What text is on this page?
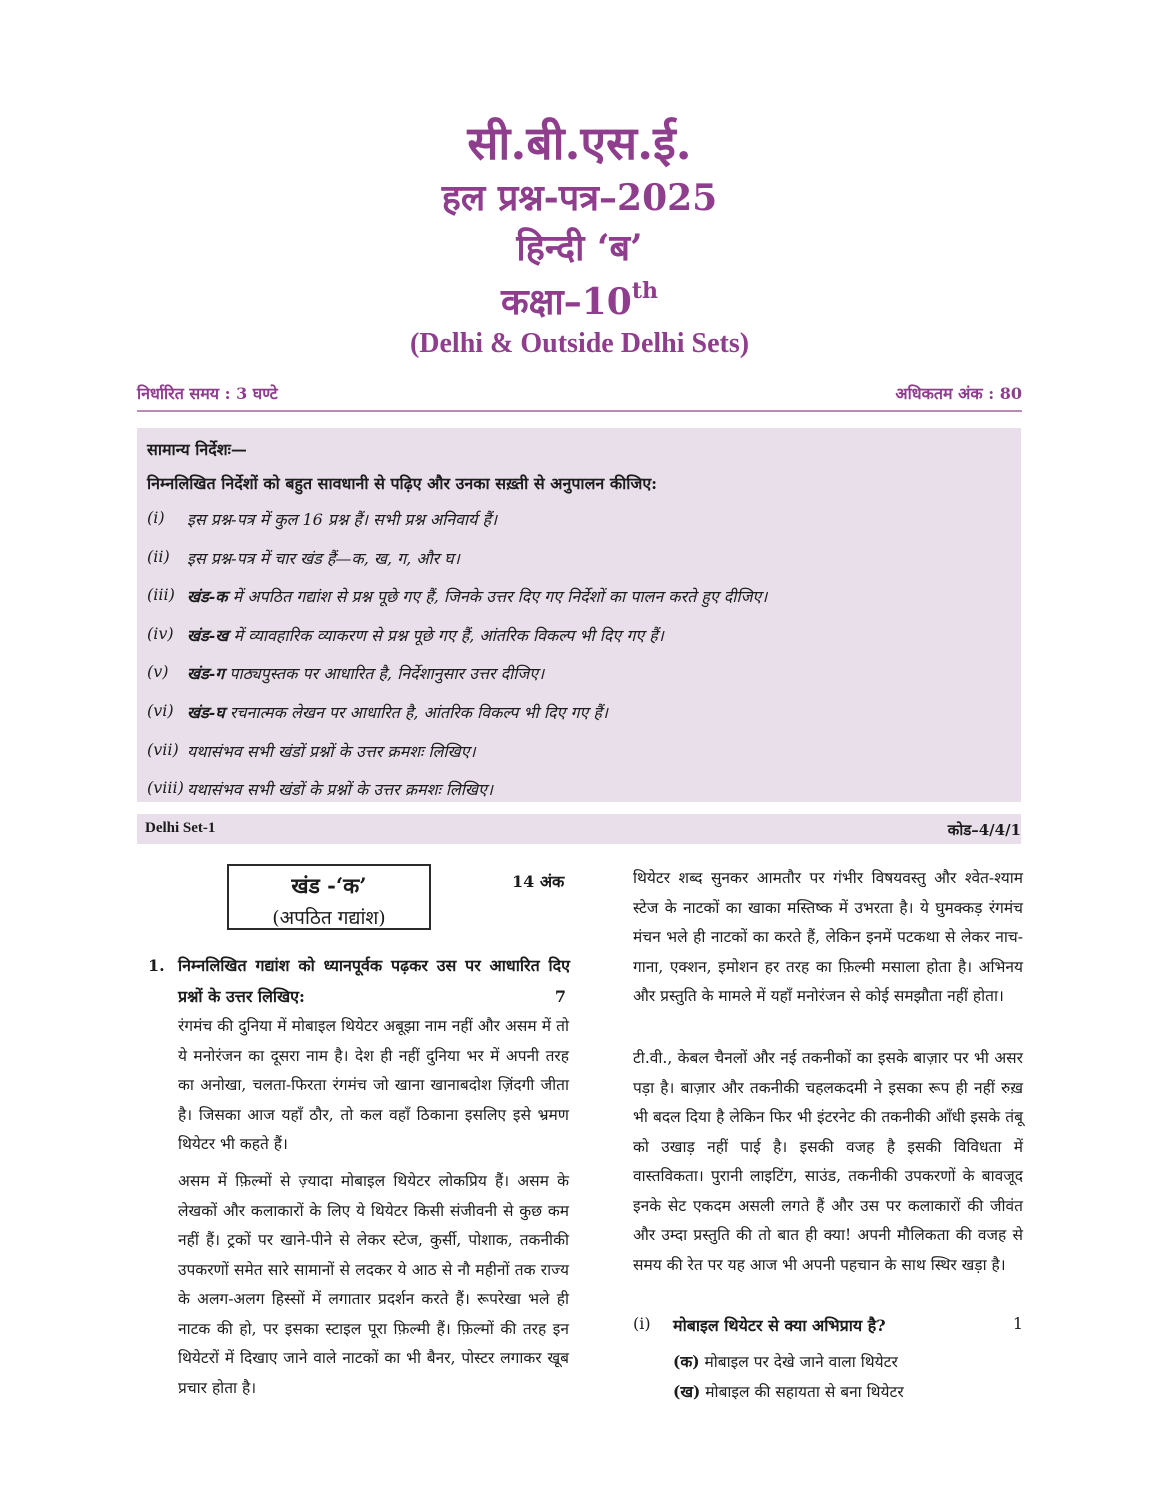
सी.बी.एस.ई.
हल प्रश्न-पत्र–2025
हिन्दी ‘ब’
कक्षा–10th
(Delhi & Outside Delhi Sets)
निर्धारित समय : 3 घण्टे	अधिकतम अंक : 80
सामान्य निर्देशः—
निम्नलिखित निर्देशों को बहुत सावधानी से पढ़िए और उनका सख़्ती से अनुपालन कीजिए:
(i)	इस प्रश्न-पत्र में कुल 16 प्रश्न हैं। सभी प्रश्न अनिवार्य हैं।
(ii)	इस प्रश्न-पत्र में चार खंड हैं—क, ख, ग, और घ।
(iii) खंड-क में अपठित गद्यांश से प्रश्न पूछे गए हैं, जिनके उत्तर दिए गए निर्देशों का पालन करते हुए दीजिए।
(iv) खंड-ख में व्यावहारिक व्याकरण से प्रश्न पूछे गए हैं, आंतरिक विकल्प भी दिए गए हैं।
(v)	खंड-ग पाठ्यपुस्तक पर आधारित है, निर्देशानुसार उत्तर दीजिए।
(vi) खंड-घ रचनात्मक लेखन पर आधारित है, आंतरिक विकल्प भी दिए गए हैं।
(vii) यथासंभव सभी खंडों प्रश्नों के उत्तर क्रमशः लिखिए।
(viii) यथासंभव सभी खंडों के प्रश्नों के उत्तर क्रमशः लिखिए।
Delhi Set-1	कोड–4/4/1
खंड -‘क’
(अपठित गद्यांश)
14 अंक
1. निम्नलिखित गद्यांश को ध्यानपूर्वक पढ़कर उस पर आधारित दिए प्रश्नों के उत्तर लिखिए:	7

रंगमंच की दुनिया में मोबाइल थियेटर अबूझा नाम नहीं और असम में तो ये मनोरंजन का दूसरा नाम है। देश ही नहीं दुनिया भर में अपनी तरह का अनोखा, चलता-फिरता रंगमंच जो खाना खानाबदोश ज़िंदगी जीता है। जिसका आज यहाँ ठौर, तो कल वहाँ ठिकाना इसलिए इसे भ्रमण थियेटर भी कहते हैं।

असम में फ़िल्मों से ज़्यादा मोबाइल थियेटर लोकप्रिय हैं। असम के लेखकों और कलाकारों के लिए ये थियेटर किसी संजीवनी से कुछ कम नहीं हैं। ट्रकों पर खाने-पीने से लेकर स्टेज, कुर्सी, पोशाक, तकनीकी उपकरणों समेत सारे सामानों से लदकर ये आठ से नौ महीनों तक राज्य के अलग-अलग हिस्सों में लगातार प्रदर्शन करते हैं। रूपरेखा भले ही नाटक की हो, पर इसका स्टाइल पूरा फ़िल्मी हैं। फ़िल्मों की तरह इन थियेटरों में दिखाए जाने वाले नाटकों का भी बैनर, पोस्टर लगाकर खूब प्रचार होता है।

थियेटर शब्द सुनकर आमतौर पर गंभीर विषयवस्तु और श्वेत-श्याम स्टेज के नाटकों का खाका मस्तिष्क में उभरता है। ये घुमक्कड़ रंगमंच मंचन भले ही नाटकों का करते हैं, लेकिन इनमें पटकथा से लेकर नाच-गाना, एक्शन, इमोशन हर तरह का फ़िल्मी मसाला होता है। अभिनय और प्रस्तुति के मामले में यहाँ मनोरंजन से कोई समझौता नहीं होता।

टी.वी., केबल चैनलों और नई तकनीकों का इसके बाज़ार पर भी असर पड़ा है। बाज़ार और तकनीकी चहलकदमी ने इसका रूप ही नहीं रुख़ भी बदल दिया है लेकिन फिर भी इंटरनेट की तकनीकी आँधी इसके तंबू को उखाड़ नहीं पाई है। इसकी वजह है इसकी विविधता में वास्तविकता। पुरानी लाइटिंग, साउंड, तकनीकी उपकरणों के बावजूद इनके सेट एकदम असली लगते हैं और उस पर कलाकारों की जीवंत और उम्दा प्रस्तुति की तो बात ही क्या! अपनी मौलिकता की वजह से समय की रेत पर यह आज भी अपनी पहचान के साथ स्थिर खड़ा है।

(i) मोबाइल थियेटर से क्या अभिप्राय है?	1
(क) मोबाइल पर देखे जाने वाला थियेटर
(ख) मोबाइल की सहायता से बना थियेटर
